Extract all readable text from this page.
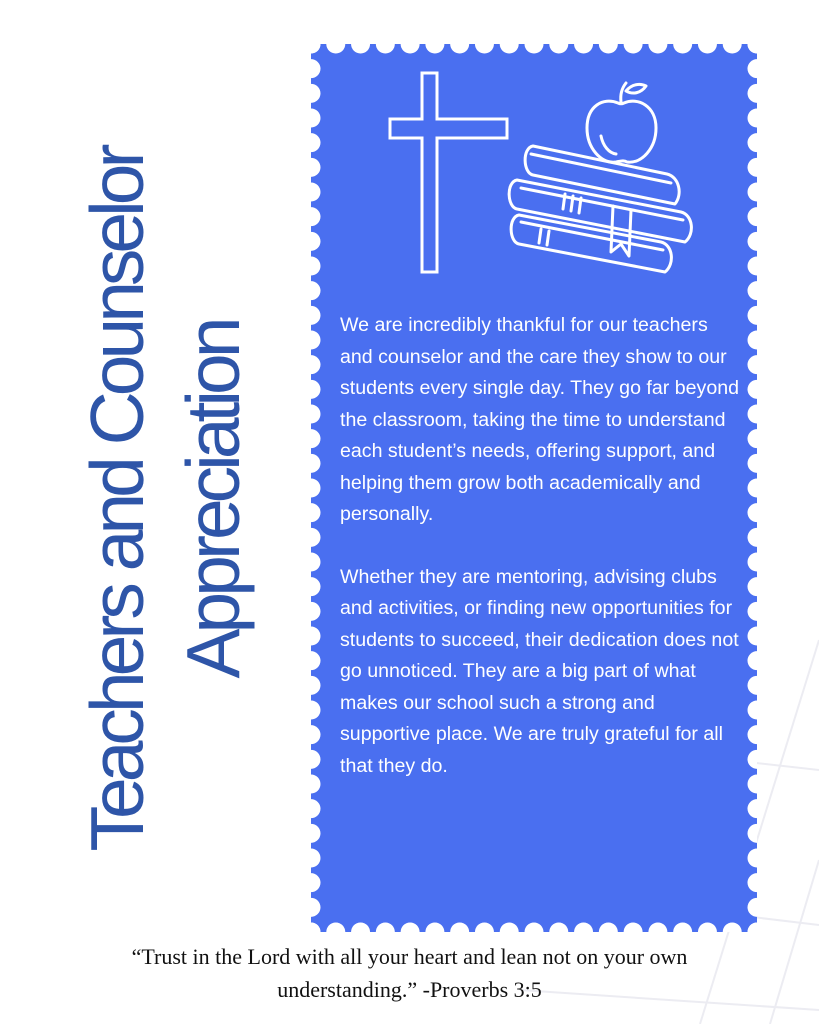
Teachers and Counselor Appreciation	We are incredibly thankful for our teachers and counselor and the care they show to our students every single day. They go far beyond the classroom, taking the time to understand each student’s needs, offering support, and helping them grow both academically and personally.

Whether they are mentoring, advising clubs and activities, or finding new opportunities for students to succeed, their dedication does not go unnoticed. They are a big part of what makes our school such a strong and supportive place. We are truly grateful for all that they do.

“Trust in the Lord with all your heart and lean not on your own
understanding.” -Proverbs 3:5
